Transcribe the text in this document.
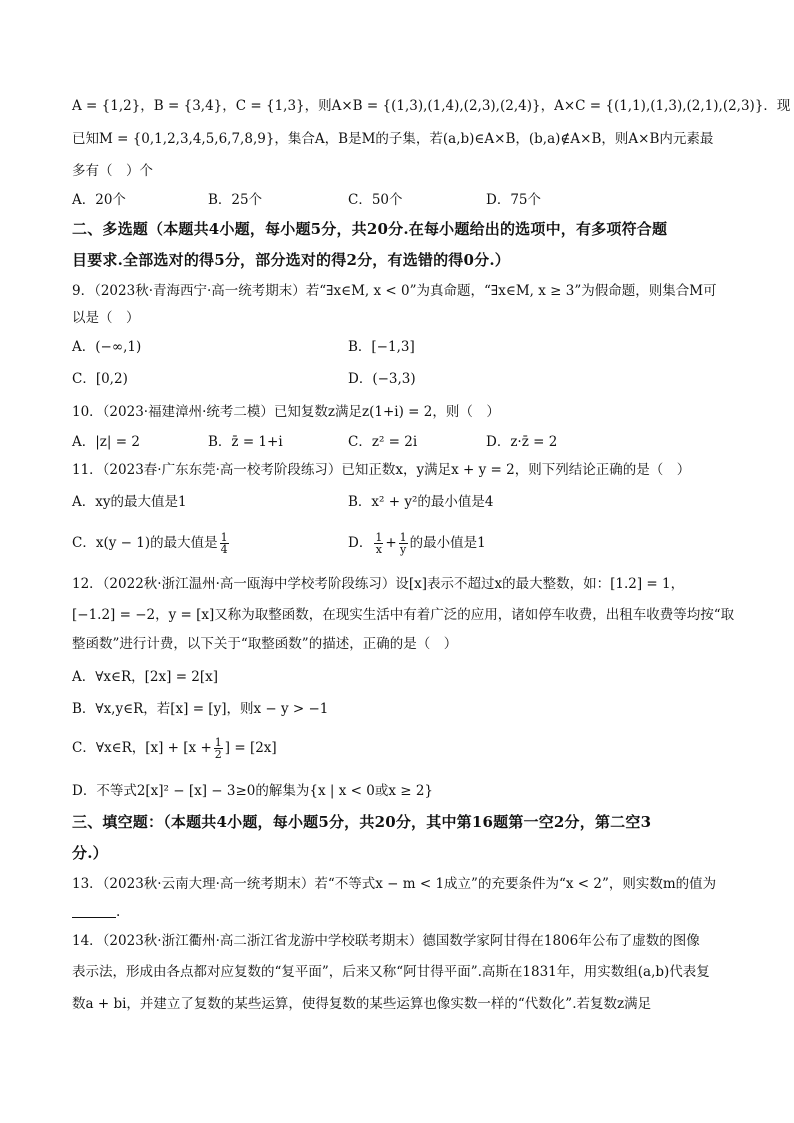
A = {1,2}，B = {3,4}，C = {1,3}，则A×B = {(1,3),(1,4),(2,3),(2,4)}，A×C = {(1,1),(1,3),(2,1),(2,3)}．现
已知M = {0,1,2,3,4,5,6,7,8,9}，集合A，B是M的子集，若(a,b)∈A×B，(b,a)∉A×B，则A×B内元素最
多有（　）个
A．20个	B．25个	C．50个	D．75个
二、多选题（本题共4小题，每小题5分，共20分.在每小题给出的选项中，有多项符合题
目要求.全部选对的得5分，部分选对的得2分，有选错的得0分.）
9．（2023秋·青海西宁·高一统考期末）若“∃x∈M, x < 0”为真命题，“∃x∈M, x ≥ 3”为假命题，则集合M可
以是（　）
A．(−∞,1)	B．[−1,3]
C．[0,2)	D．(−3,3)
10．（2023·福建漳州·统考二模）已知复数z满足z(1+i) = 2，则（　）
A．|z| = 2	B．z̄ = 1+i	C．z² = 2i	D．z·z̄ = 2
11．（2023春·广东东莞·高一校考阶段练习）已知正数x，y满足x + y = 2，则下列结论正确的是（　）
A．xy的最大值是1	B．x² + y²的最小值是4
C．x(y − 1)的最大值是 $\frac{1}{4}$	D． $\frac{1}{x} + \frac{1}{y}$ 的最小值是1
12．（2022秋·浙江温州·高一瓯海中学校考阶段练习）设[x]表示不超过x的最大整数，如：[1.2] = 1，
[−1.2] = −2，y = [x]又称为取整函数，在现实生活中有着广泛的应用，诸如停车收费，出租车收费等均按“取
整函数”进行计费，以下关于“取整函数”的描述，正确的是（　）
A．∀x∈R，[2x] = 2[x]
B．∀x,y∈R，若[x] = [y]，则x − y > −1
C．∀x∈R，$[x] + [x + \frac{1}{2}$ ] = [2x]
D．不等式2[x]² − [x] − 3≥0的解集为{x | x < 0或x ≥ 2}
三、填空题：（本题共4小题，每小题5分，共20分，其中第16题第一空2分，第二空3
分.）
13．（2023秋·云南大理·高一统考期末）若“不等式x − m < 1成立”的充要条件为“x < 2”，则实数m的值为
.
14．（2023秋·浙江衢州·高二浙江省龙游中学校联考期末）德国数学家阿甘得在1806年公布了虚数的图像
表示法，形成由各点都对应复数的“复平面”，后来又称“阿甘得平面”.高斯在1831年，用实数组(a,b)代表复
数a + bi，并建立了复数的某些运算，使得复数的某些运算也像实数一样的“代数化”.若复数z满足
